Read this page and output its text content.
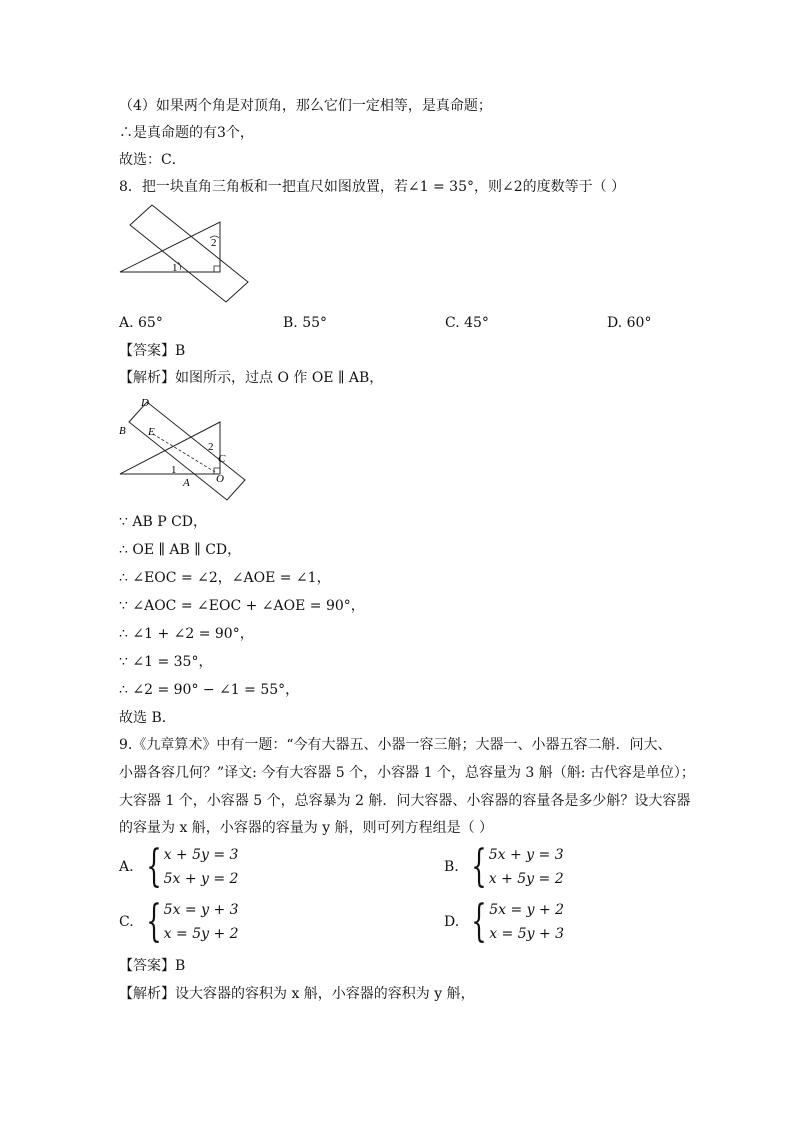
（4）如果两个角是对顶角，那么它们一定相等，是真命题；
∴是真命题的有3个，
故选：C．
8．把一块直角三角板和一把直尺如图放置，若∠1 = 35°，则∠2的度数等于（ ）
1
2
A. 65°	B. 55°	C. 45°	D. 60°
【答案】B
【解析】如图所示，过点 O 作 OE ∥ AB，
D
B E
2
C
1
A O
∵ AB P CD，
∴ OE ∥ AB ∥ CD，
∴ ∠EOC = ∠2，∠AOE = ∠1，
∵ ∠AOC = ∠EOC + ∠AOE = 90°，
∴ ∠1 + ∠2 = 90°，
∵ ∠1 = 35°，
∴ ∠2 = 90° − ∠1 = 55°，
故选 B．
9.《九章算术》中有一题：“今有大器五、小器一容三斛；大器一、小器五容二斛．问大、
小器各容几何？”译文: 今有大容器 5 个，小容器 1 个，总容量为 3 斛（斛: 古代容是单位）；
大容器 1 个，小容器 5 个，总容暴为 2 斛．问大容器、小容器的容量各是多少斛？设大容器
的容量为 x 斛，小容器的容量为 y 斛，则可列方程组是（ ）
A. { x + 5y = 3
5x + y = 2
B. { 5x + y = 3
x + 5y = 2
C. { 5x = y + 3
x = 5y + 2
D. { 5x = y + 2
x = 5y + 3
【答案】B
【解析】设大容器的容积为 x 斛，小容器的容积为 y 斛，
